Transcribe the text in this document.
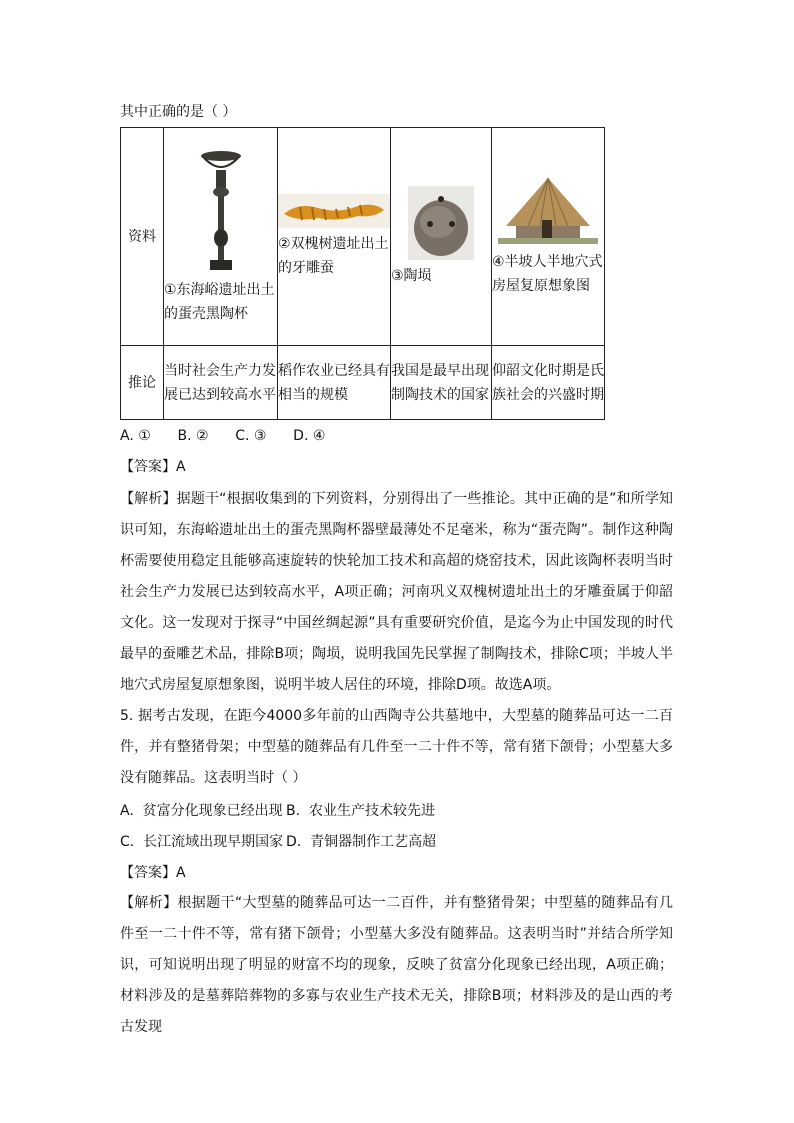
其中正确的是（ ）
资料	①东海峪遗址出土的蛋壳黑陶杯	②双槐树遗址出土的牙雕蚕	③陶埙	④半坡人半地穴式房屋复原想象图

推论	当时社会生产力发展已达到较高水平	稻作农业已经具有相当的规模	我国是最早出现制陶技术的国家	仰韶文化时期是氏族社会的兴盛时期
A. ①      B. ②      C. ③      D. ④
【答案】A
【解析】据题干“根据收集到的下列资料，分别得出了一些推论。其中正确的是”和所学知识可知，东海峪遗址出土的蛋壳黑陶杯器壁最薄处不足毫米，称为“蛋壳陶”。制作这种陶杯需要使用稳定且能够高速旋转的快轮加工技术和高超的烧窑技术，因此该陶杯表明当时社会生产力发展已达到较高水平，A项正确；河南巩义双槐树遗址出土的牙雕蚕属于仰韶文化。这一发现对于探寻“中国丝绸起源”具有重要研究价值，是迄今为止中国发现的时代最早的蚕雕艺术品，排除B项；陶埙，说明我国先民掌握了制陶技术，排除C项；半坡人半地穴式房屋复原想象图，说明半坡人居住的环境，排除D项。故选A项。
5. 据考古发现，在距今4000多年前的山西陶寺公共墓地中，大型墓的随葬品可达一二百件，并有整猪骨架；中型墓的随葬品有几件至一二十件不等，常有猪下颌骨；小型墓大多没有随葬品。这表明当时（ ）
A.  贫富分化现象已经出现 B.  农业生产技术较先进
C.  长江流域出现早期国家 D.  青铜器制作工艺高超
【答案】A
【解析】根据题干“大型墓的随葬品可达一二百件，并有整猪骨架；中型墓的随葬品有几件至一二十件不等，常有猪下颌骨；小型墓大多没有随葬品。这表明当时”并结合所学知识，可知说明出现了明显的财富不均的现象，反映了贫富分化现象已经出现，A项正确；材料涉及的是墓葬陪葬物的多寡与农业生产技术无关，排除B项；材料涉及的是山西的考古发现
